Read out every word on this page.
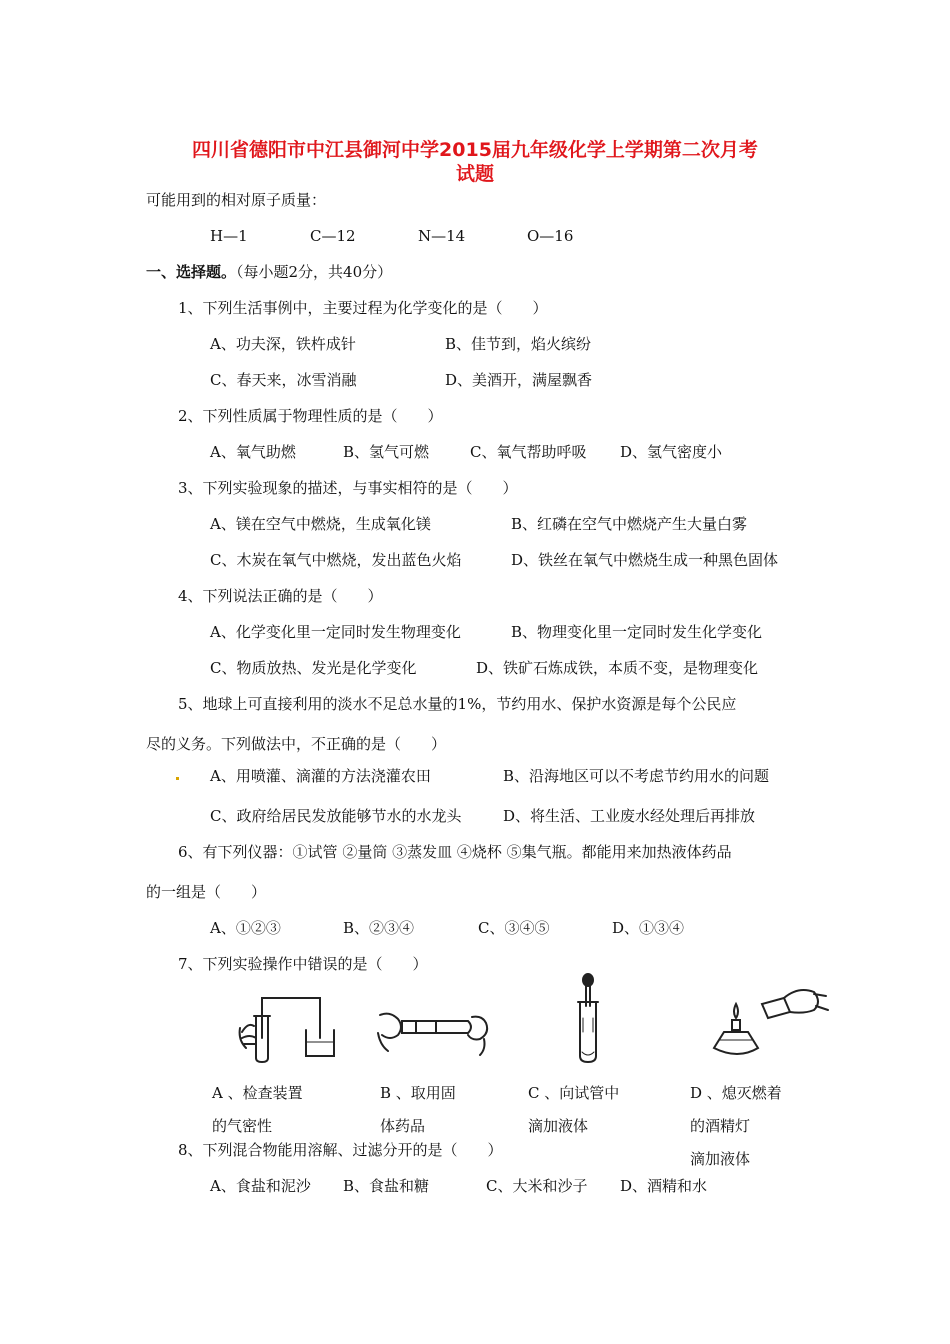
四川省德阳市中江县御河中学2015届九年级化学上学期第二次月考
试题
可能用到的相对原子质量：
H—1	C—12	N—14	O—16
一、选择题。（每小题2分，共40分）
1、下列生活事例中，主要过程为化学变化的是（　　）
A、功夫深，铁杵成针	B、佳节到，焰火缤纷
C、春天来，冰雪消融	D、美酒开，满屋飘香
2、下列性质属于物理性质的是（　　）
A、氧气助燃	B、氢气可燃	C、氧气帮助呼吸 D、氢气密度小
3、下列实验现象的描述，与事实相符的是（　　）
A、镁在空气中燃烧，生成氧化镁	B、红磷在空气中燃烧产生大量白雾
C、木炭在氧气中燃烧，发出蓝色火焰	D、铁丝在氧气中燃烧生成一种黑色固体
4、下列说法正确的是（　　）
A、化学变化里一定同时发生物理变化	B、物理变化里一定同时发生化学变化
C、物质放热、发光是化学变化	D、铁矿石炼成铁，本质不变，是物理变化
5、地球上可直接利用的淡水不足总水量的1%，节约用水、保护水资源是每个公民应
尽的义务。下列做法中，不正确的是（　　）
A、用喷灌、滴灌的方法浇灌农田	B、沿海地区可以不考虑节约用水的问题
C、政府给居民发放能够节水的水龙头	D、将生活、工业废水经处理后再排放
6、有下列仪器：①试管 ②量筒 ③蒸发皿 ④烧杯 ⑤集气瓶。都能用来加热液体药品
的一组是（　　）
A、①②③	B、②③④	C、③④⑤	D、①③④
7、下列实验操作中错误的是（　　）
A 、检查装置
的气密性
B 、取用固
体药品
C 、向试管中
滴加液体
D 、熄灭燃着
的酒精灯
滴加液体
8、下列混合物能用溶解、过滤分开的是（　　）
A、食盐和泥沙 B、食盐和糖	C、大米和沙子 D、酒精和水
